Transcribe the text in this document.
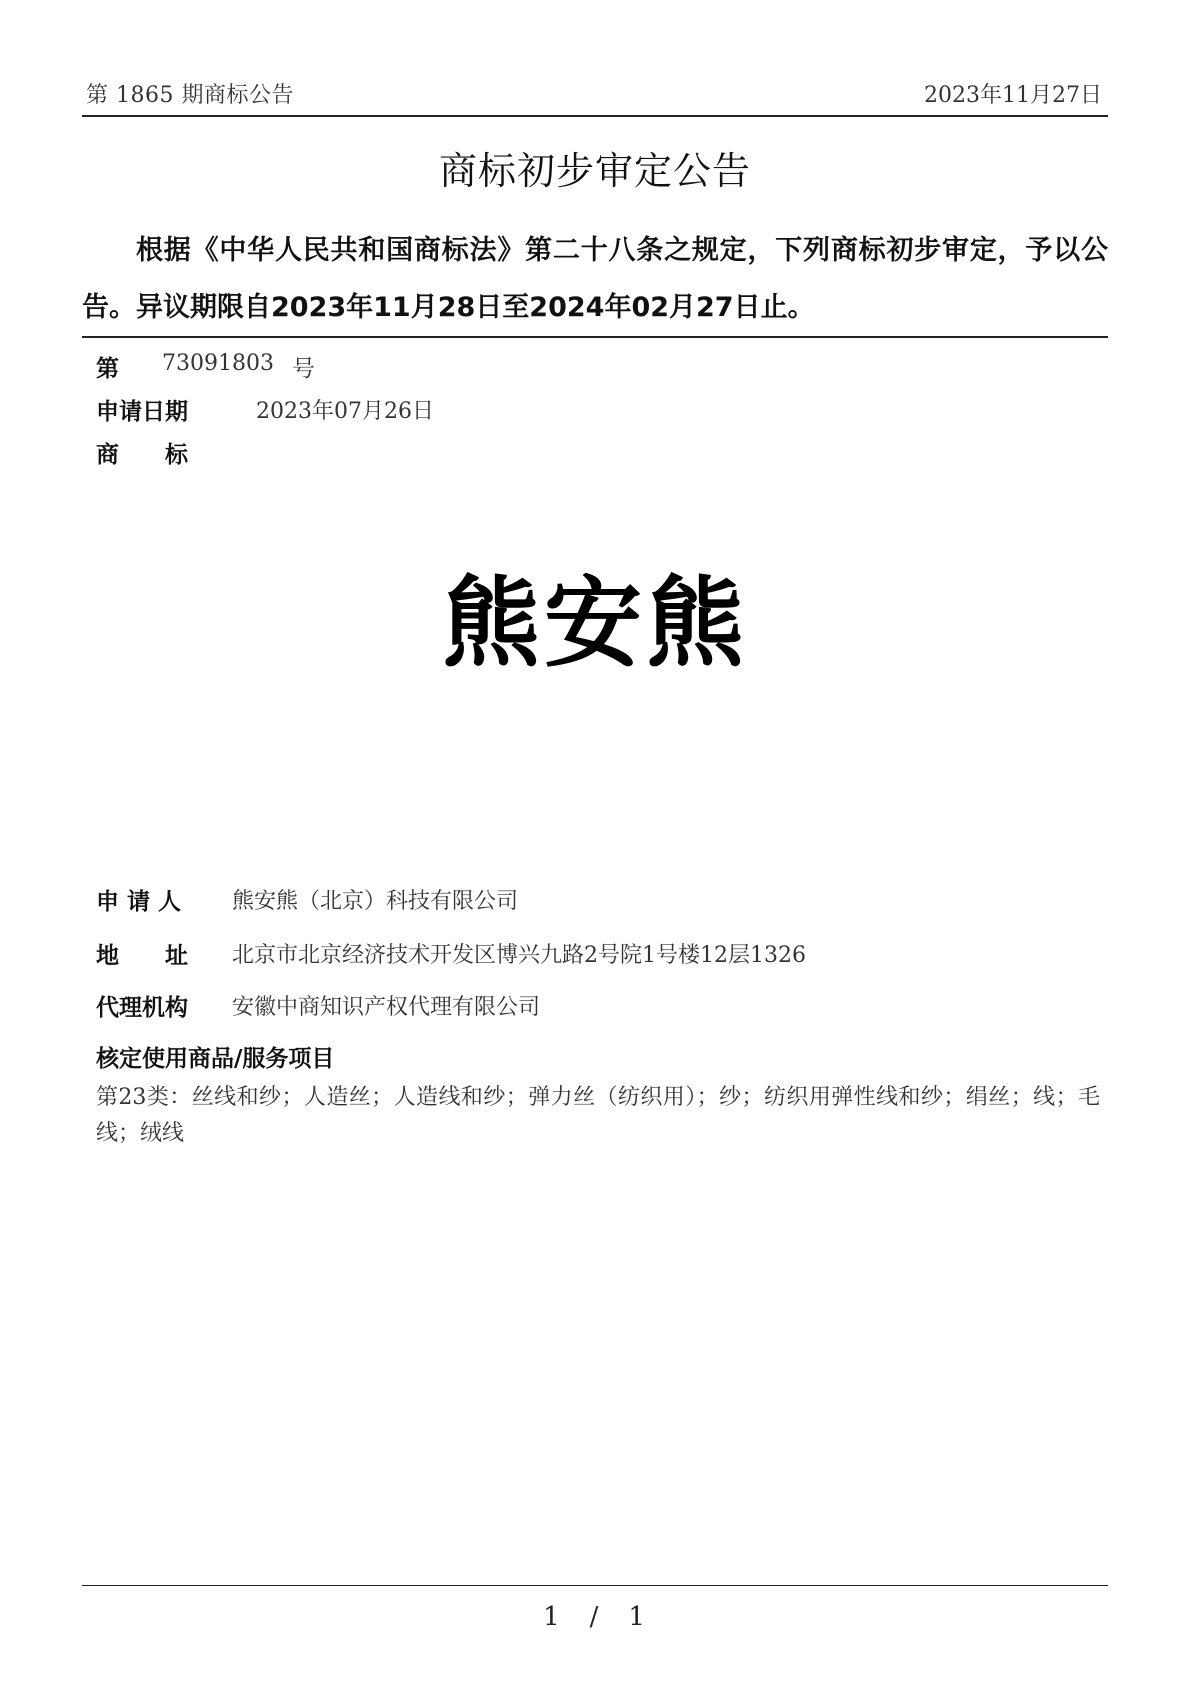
第 1865 期商标公告	2023年11月27日
商标初步审定公告
根据《中华人民共和国商标法》第二十八条之规定，下列商标初步审定，予以公告。异议期限自2023年11月28日至2024年02月27日止。
第 73091803 号
申请日期	2023年07月26日
商　　标
熊安熊
申 请 人 熊安熊（北京）科技有限公司
地　　址 北京市北京经济技术开发区博兴九路2号院1号楼12层1326
代理机构 安徽中商知识产权代理有限公司
核定使用商品/服务项目
第23类：丝线和纱；人造丝；人造线和纱；弹力丝（纺织用）；纱；纺织用弹性线和纱；绢丝；线；毛线；绒线
1　/　1
